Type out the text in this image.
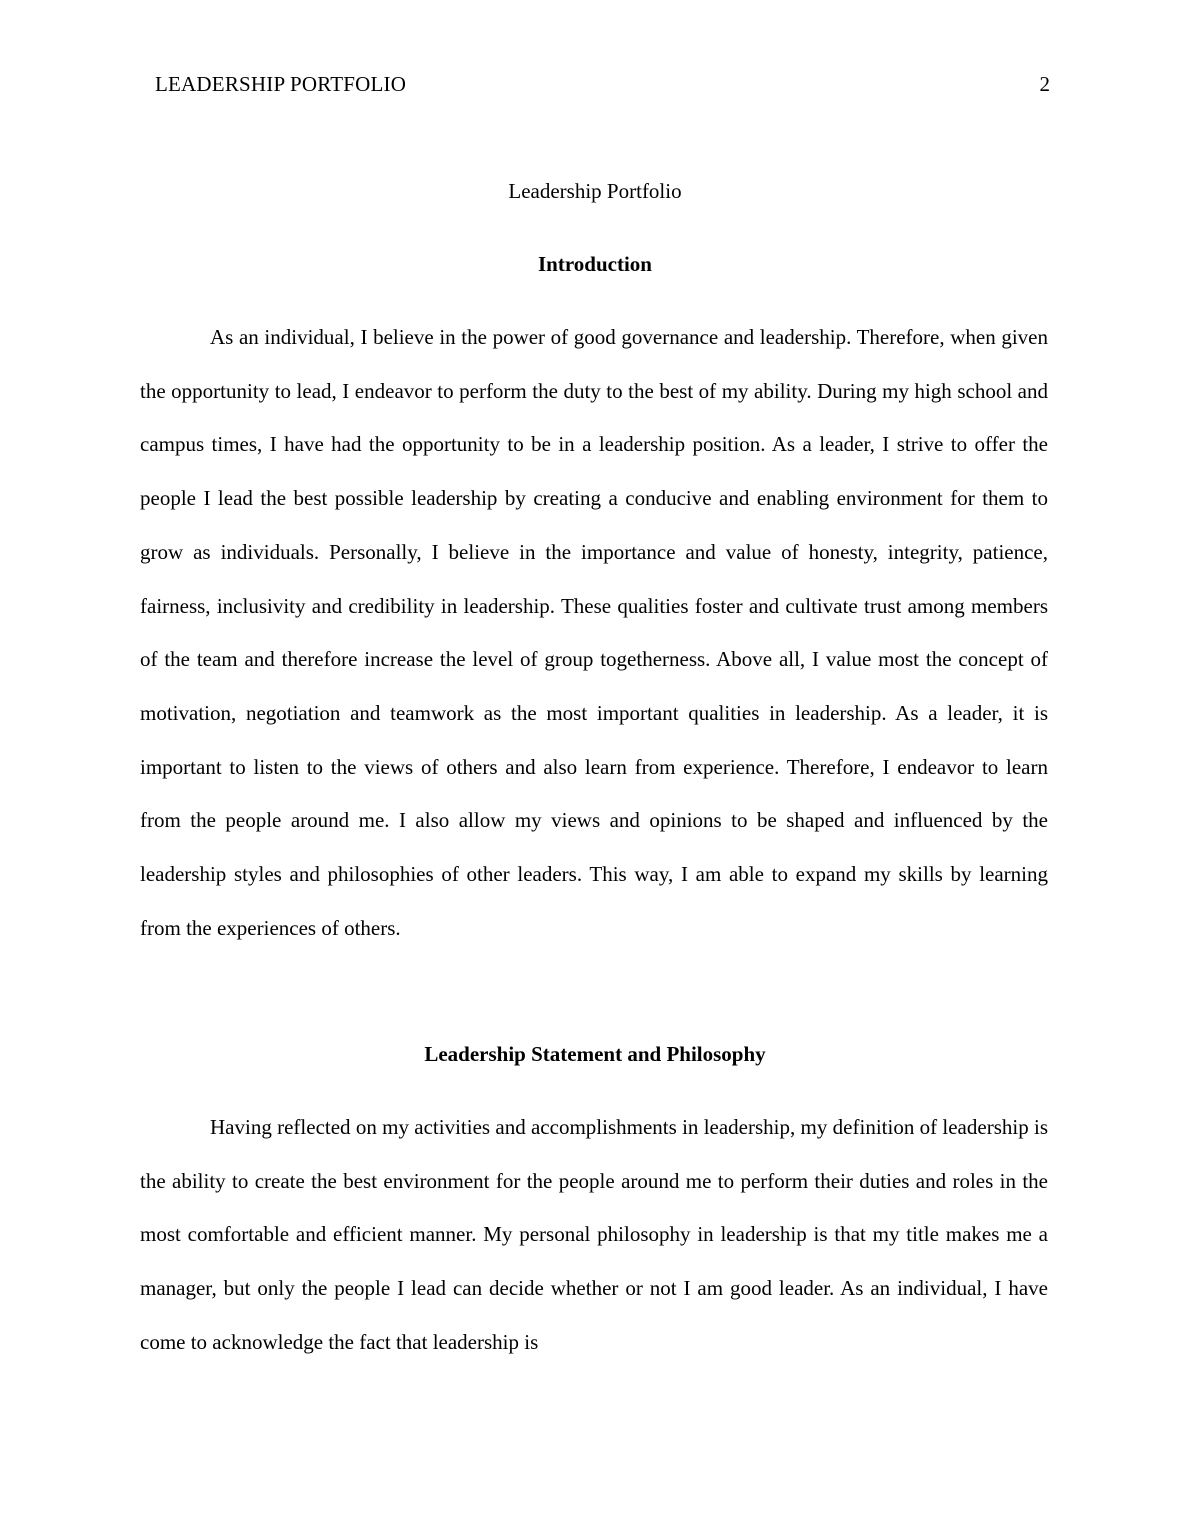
LEADERSHIP PORTFOLIO	2
Leadership Portfolio
Introduction

As an individual, I believe in the power of good governance and leadership. Therefore, when given the opportunity to lead, I endeavor to perform the duty to the best of my ability. During my high school and campus times, I have had the opportunity to be in a leadership position. As a leader, I strive to offer the people I lead the best possible leadership by creating a conducive and enabling environment for them to grow as individuals. Personally, I believe in the importance and value of honesty, integrity, patience, fairness, inclusivity and credibility in leadership. These qualities foster and cultivate trust among members of the team and therefore increase the level of group togetherness. Above all, I value most the concept of motivation, negotiation and teamwork as the most important qualities in leadership. As a leader, it is important to listen to the views of others and also learn from experience. Therefore, I endeavor to learn from the people around me. I also allow my views and opinions to be shaped and influenced by the leadership styles and philosophies of other leaders. This way, I am able to expand my skills by learning from the experiences of others.

Leadership Statement and Philosophy

Having reflected on my activities and accomplishments in leadership, my definition of leadership is the ability to create the best environment for the people around me to perform their duties and roles in the most comfortable and efficient manner. My personal philosophy in leadership is that my title makes me a manager, but only the people I lead can decide whether or not I am good leader. As an individual, I have come to acknowledge the fact that leadership is
